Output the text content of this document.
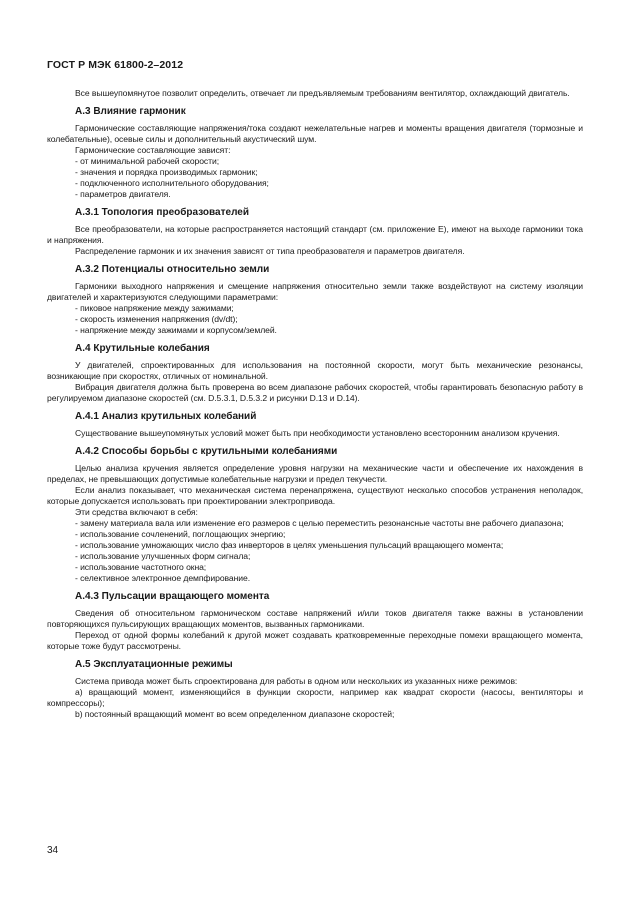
ГОСТ Р МЭК 61800-2–2012

Все вышеупомянутое позволит определить, отвечает ли предъявляемым требованиям вентилятор, охлаждающий двигатель.

А.3 Влияние гармоник

Гармонические составляющие напряжения/тока создают нежелательные нагрев и моменты вращения двигателя (тормозные и колебательные), осевые силы и дополнительный акустический шум.

Гармонические составляющие зависят:

- от минимальной рабочей скорости;

- значения и порядка производимых гармоник;

- подключенного исполнительного оборудования;

- параметров двигателя.

А.3.1 Топология преобразователей

Все преобразователи, на которые распространяется настоящий стандарт (см. приложение Е), имеют на выходе гармоники тока и напряжения.

Распределение гармоник и их значения зависят от типа преобразователя и параметров двигателя.

А.3.2 Потенциалы относительно земли

Гармоники выходного напряжения и смещение напряжения относительно земли также воздействуют на систему изоляции двигателей и характеризуются следующими параметрами:

- пиковое напряжение между зажимами;

- скорость изменения напряжения (dv/dt);

- напряжение между зажимами и корпусом/землей.

А.4 Крутильные колебания

У двигателей, спроектированных для использования на постоянной скорости, могут быть механические резонансы, возникающие при скоростях, отличных от номинальной.

Вибрация двигателя должна быть проверена во всем диапазоне рабочих скоростей, чтобы гарантировать безопасную работу в регулируемом диапазоне скоростей (см. D.5.3.1, D.5.3.2 и рисунки D.13 и D.14).

А.4.1 Анализ крутильных колебаний

Существование вышеупомянутых условий может быть при необходимости установлено всесторонним анализом кручения.

А.4.2 Способы борьбы с крутильными колебаниями

Целью анализа кручения является определение уровня нагрузки на механические части и обеспечение их нахождения в пределах, не превышающих допустимые колебательные нагрузки и предел текучести.

Если анализ показывает, что механическая система перенапряжена, существуют несколько способов устранения неполадок, которые допускается использовать при проектировании электропривода.

Эти средства включают в себя:

- замену материала вала или изменение его размеров с целью переместить резонансные частоты вне рабочего диапазона;

- использование сочленений, поглощающих энергию;

- использование умножающих число фаз инверторов в целях уменьшения пульсаций вращающего момента;

- использование улучшенных форм сигнала;

- использование частотного окна;

- селективное электронное демпфирование.

А.4.3 Пульсации вращающего момента

Сведения об относительном гармоническом составе напряжений и/или токов двигателя также важны в установлении повторяющихся пульсирующих вращающих моментов, вызванных гармониками.

Переход от одной формы колебаний к другой может создавать кратковременные переходные помехи вращающего момента, которые тоже будут рассмотрены.

А.5 Эксплуатационные режимы

Система привода может быть спроектирована для работы в одном или нескольких из указанных ниже режимов:

a) вращающий момент, изменяющийся в функции скорости, например как квадрат скорости (насосы, вентиляторы и компрессоры);

b) постоянный вращающий момент во всем определенном диапазоне скоростей;

34
